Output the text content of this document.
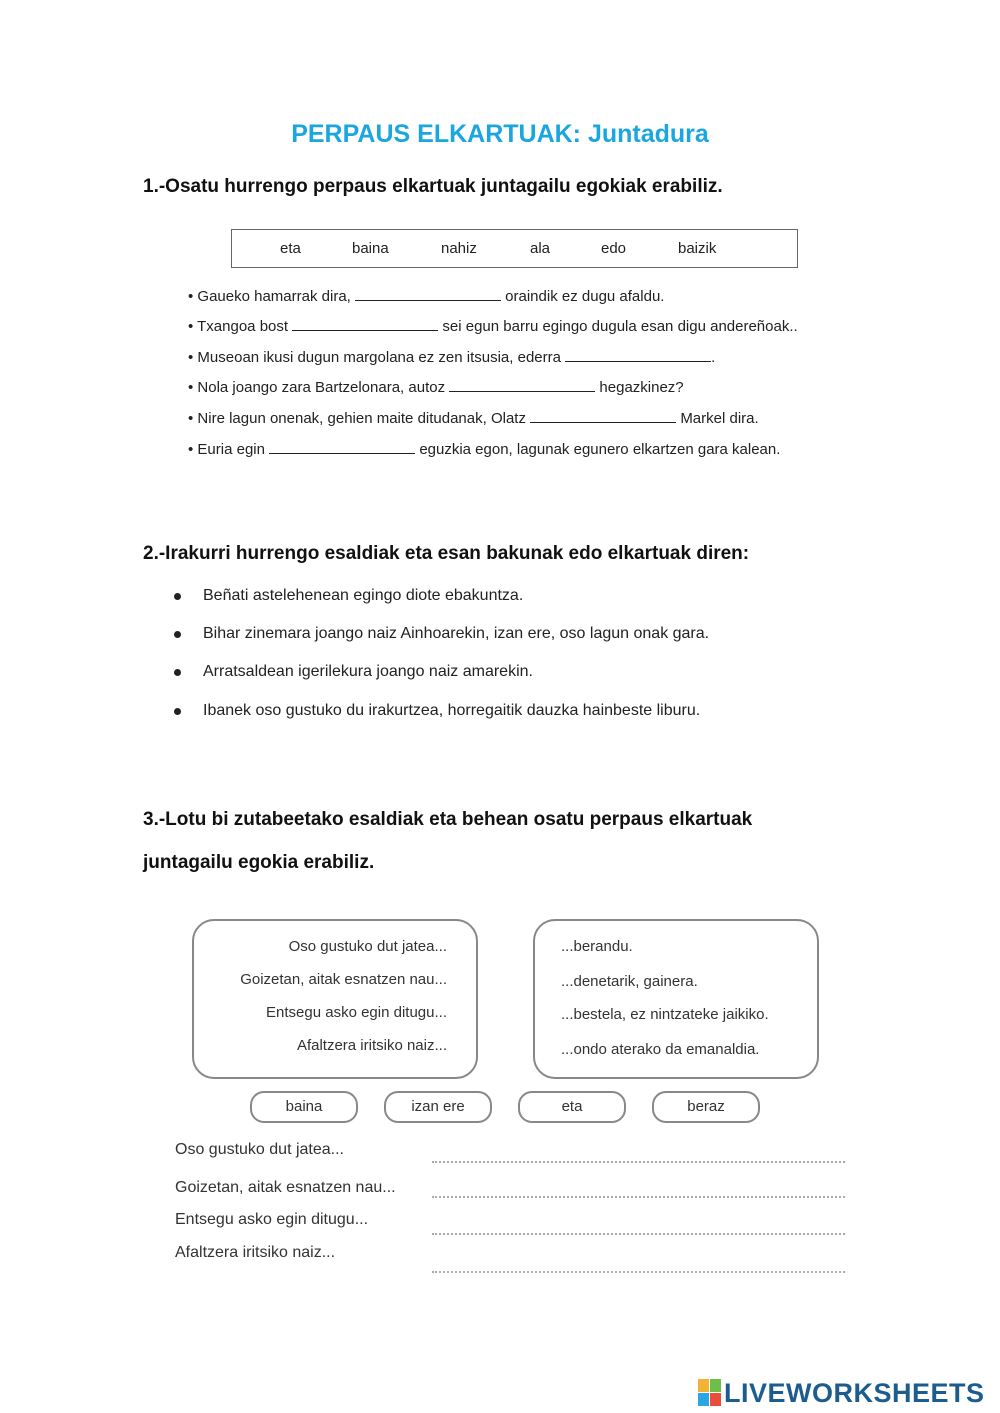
PERPAUS ELKARTUAK: Juntadura
1.-Osatu hurrengo perpaus elkartuak juntagailu egokiak erabiliz.
eta	baina	nahiz	ala	edo	baizik
• Gaueko hamarrak dira,	oraindik ez dugu afaldu.
• Txangoa bost	sei egun barru egingo dugula esan digu andereñoak..
• Museoan ikusi dugun margolana ez zen itsusia, ederra	.
• Nola joango zara Bartzelonara, autoz	hegazkinez?
• Nire lagun onenak, gehien maite ditudanak, Olatz	Markel dira.
• Euria egin	eguzkia egon, lagunak egunero elkartzen gara kalean.
2.-Irakurri hurrengo esaldiak eta esan bakunak edo elkartuak diren:
Beñati astelehenean egingo diote ebakuntza.
Bihar zinemara joango naiz Ainhoarekin, izan ere, oso lagun onak gara.
Arratsaldean igerilekura joango naiz amarekin.
Ibanek oso gustuko du irakurtzea, horregaitik dauzka hainbeste liburu.
3.-Lotu bi zutabeetako esaldiak eta behean osatu perpaus elkartuak
juntagailu egokia erabiliz.
Oso gustuko dut jatea...
Goizetan, aitak esnatzen nau...
Entsegu asko egin ditugu...
Afaltzera iritsiko naiz...
...berandu.
...denetarik, gainera.
...bestela, ez nintzateke jaikiko.
...ondo aterako da emanaldia.
baina	izan ere	eta	beraz
Oso gustuko dut jatea...
Goizetan, aitak esnatzen nau...
Entsegu asko egin ditugu...
Afaltzera iritsiko naiz...
LIVEWORKSHEETS
